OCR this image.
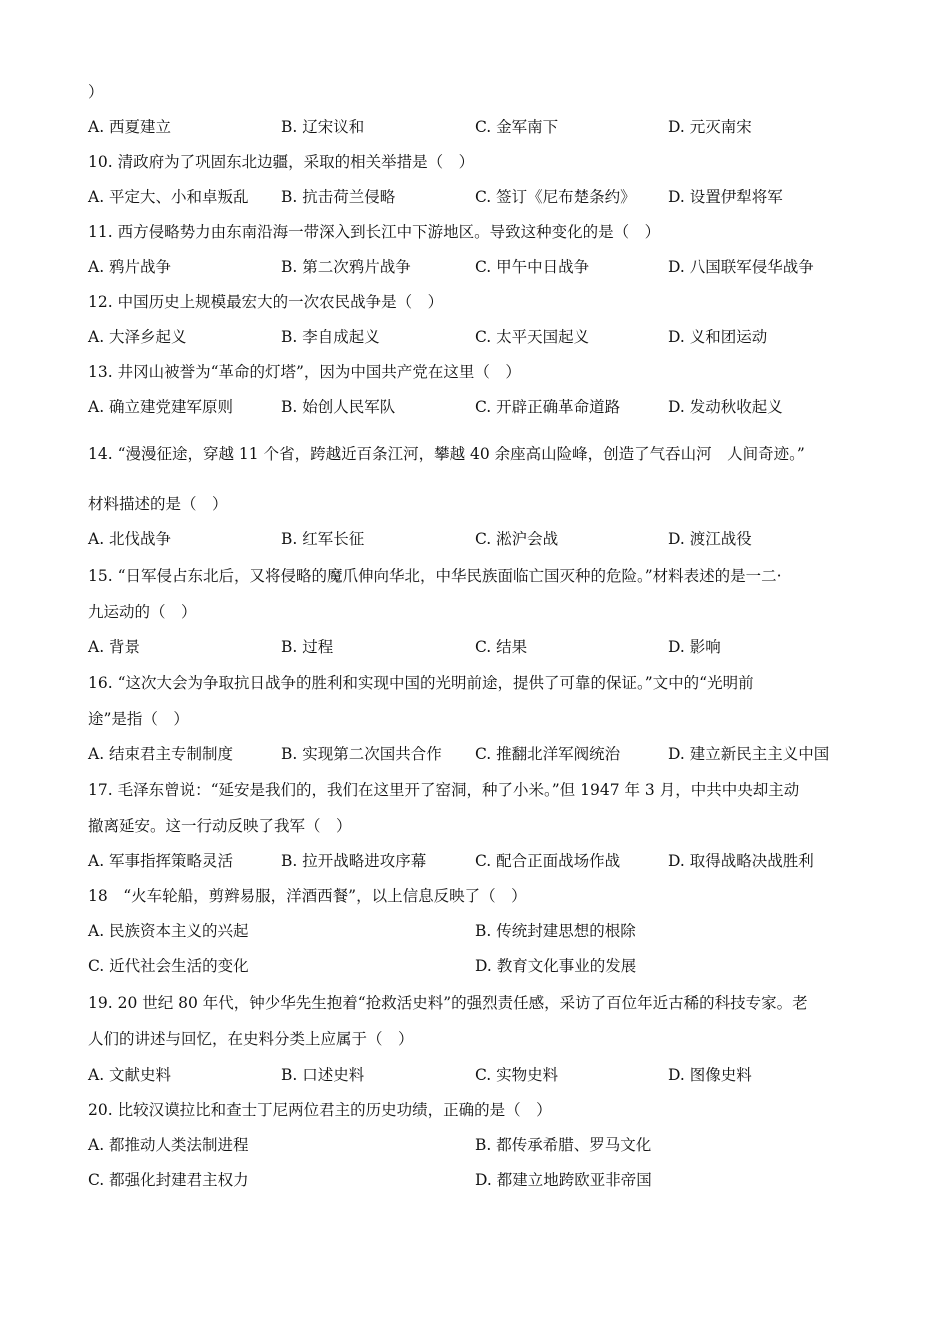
）
A. 西夏建立	B. 辽宋议和	C. 金军南下	D. 元灭南宋
10. 清政府为了巩固东北边疆，采取的相关举措是（　）
A. 平定大、小和卓叛乱 B. 抗击荷兰侵略	C. 签订《尼布楚条约》 D. 设置伊犁将军
11. 西方侵略势力由东南沿海一带深入到长江中下游地区。导致这种变化的是（　）
A. 鸦片战争	B. 第二次鸦片战争	C. 甲午中日战争	D. 八国联军侵华战争
12. 中国历史上规模最宏大的一次农民战争是（　）
A. 大泽乡起义	B. 李自成起义	C. 太平天国起义	D. 义和团运动
13. 井冈山被誉为“革命的灯塔”，因为中国共产党在这里（　）
A. 确立建党建军原则	B. 始创人民军队	C. 开辟正确革命道路	D. 发动秋收起义
14. “漫漫征途，穿越 11 个省，跨越近百条江河，攀越 40 余座高山险峰，创造了气吞山河　人间奇迹。”
材料描述的是（　）
A. 北伐战争	B. 红军长征	C. 淞沪会战	D. 渡江战役
15. “日军侵占东北后，又将侵略的魔爪伸向华北，中华民族面临亡国灭种的危险。”材料表述的是一二·
九运动的（　）
A. 背景	B. 过程	C. 结果	D. 影响
16. “这次大会为争取抗日战争的胜利和实现中国的光明前途，提供了可靠的保证。”文中的“光明前
途”是指（　）
A. 结束君主专制制度	B. 实现第二次国共合作 C. 推翻北洋军阀统治	D. 建立新民主主义中国
17. 毛泽东曾说：“延安是我们的，我们在这里开了窑洞，种了小米。”但 1947 年 3 月，中共中央却主动
撤离延安。这一行动反映了我军（　）
A. 军事指挥策略灵活	B. 拉开战略进攻序幕	C. 配合正面战场作战	D. 取得战略决战胜利
18　“火车轮船，剪辫易服，洋酒西餐”，以上信息反映了（　）
A. 民族资本主义的兴起	B. 传统封建思想的根除
C. 近代社会生活的变化	D. 教育文化事业的发展
19. 20 世纪 80 年代，钟少华先生抱着“抢救活史料”的强烈责任感，采访了百位年近古稀的科技专家。老
人们的讲述与回忆，在史料分类上应属于（　）
A. 文献史料	B. 口述史料	C. 实物史料	D. 图像史料
20. 比较汉谟拉比和查士丁尼两位君主的历史功绩，正确的是（　）
A. 都推动人类法制进程	B. 都传承希腊、罗马文化
C. 都强化封建君主权力	D. 都建立地跨欧亚非帝国
